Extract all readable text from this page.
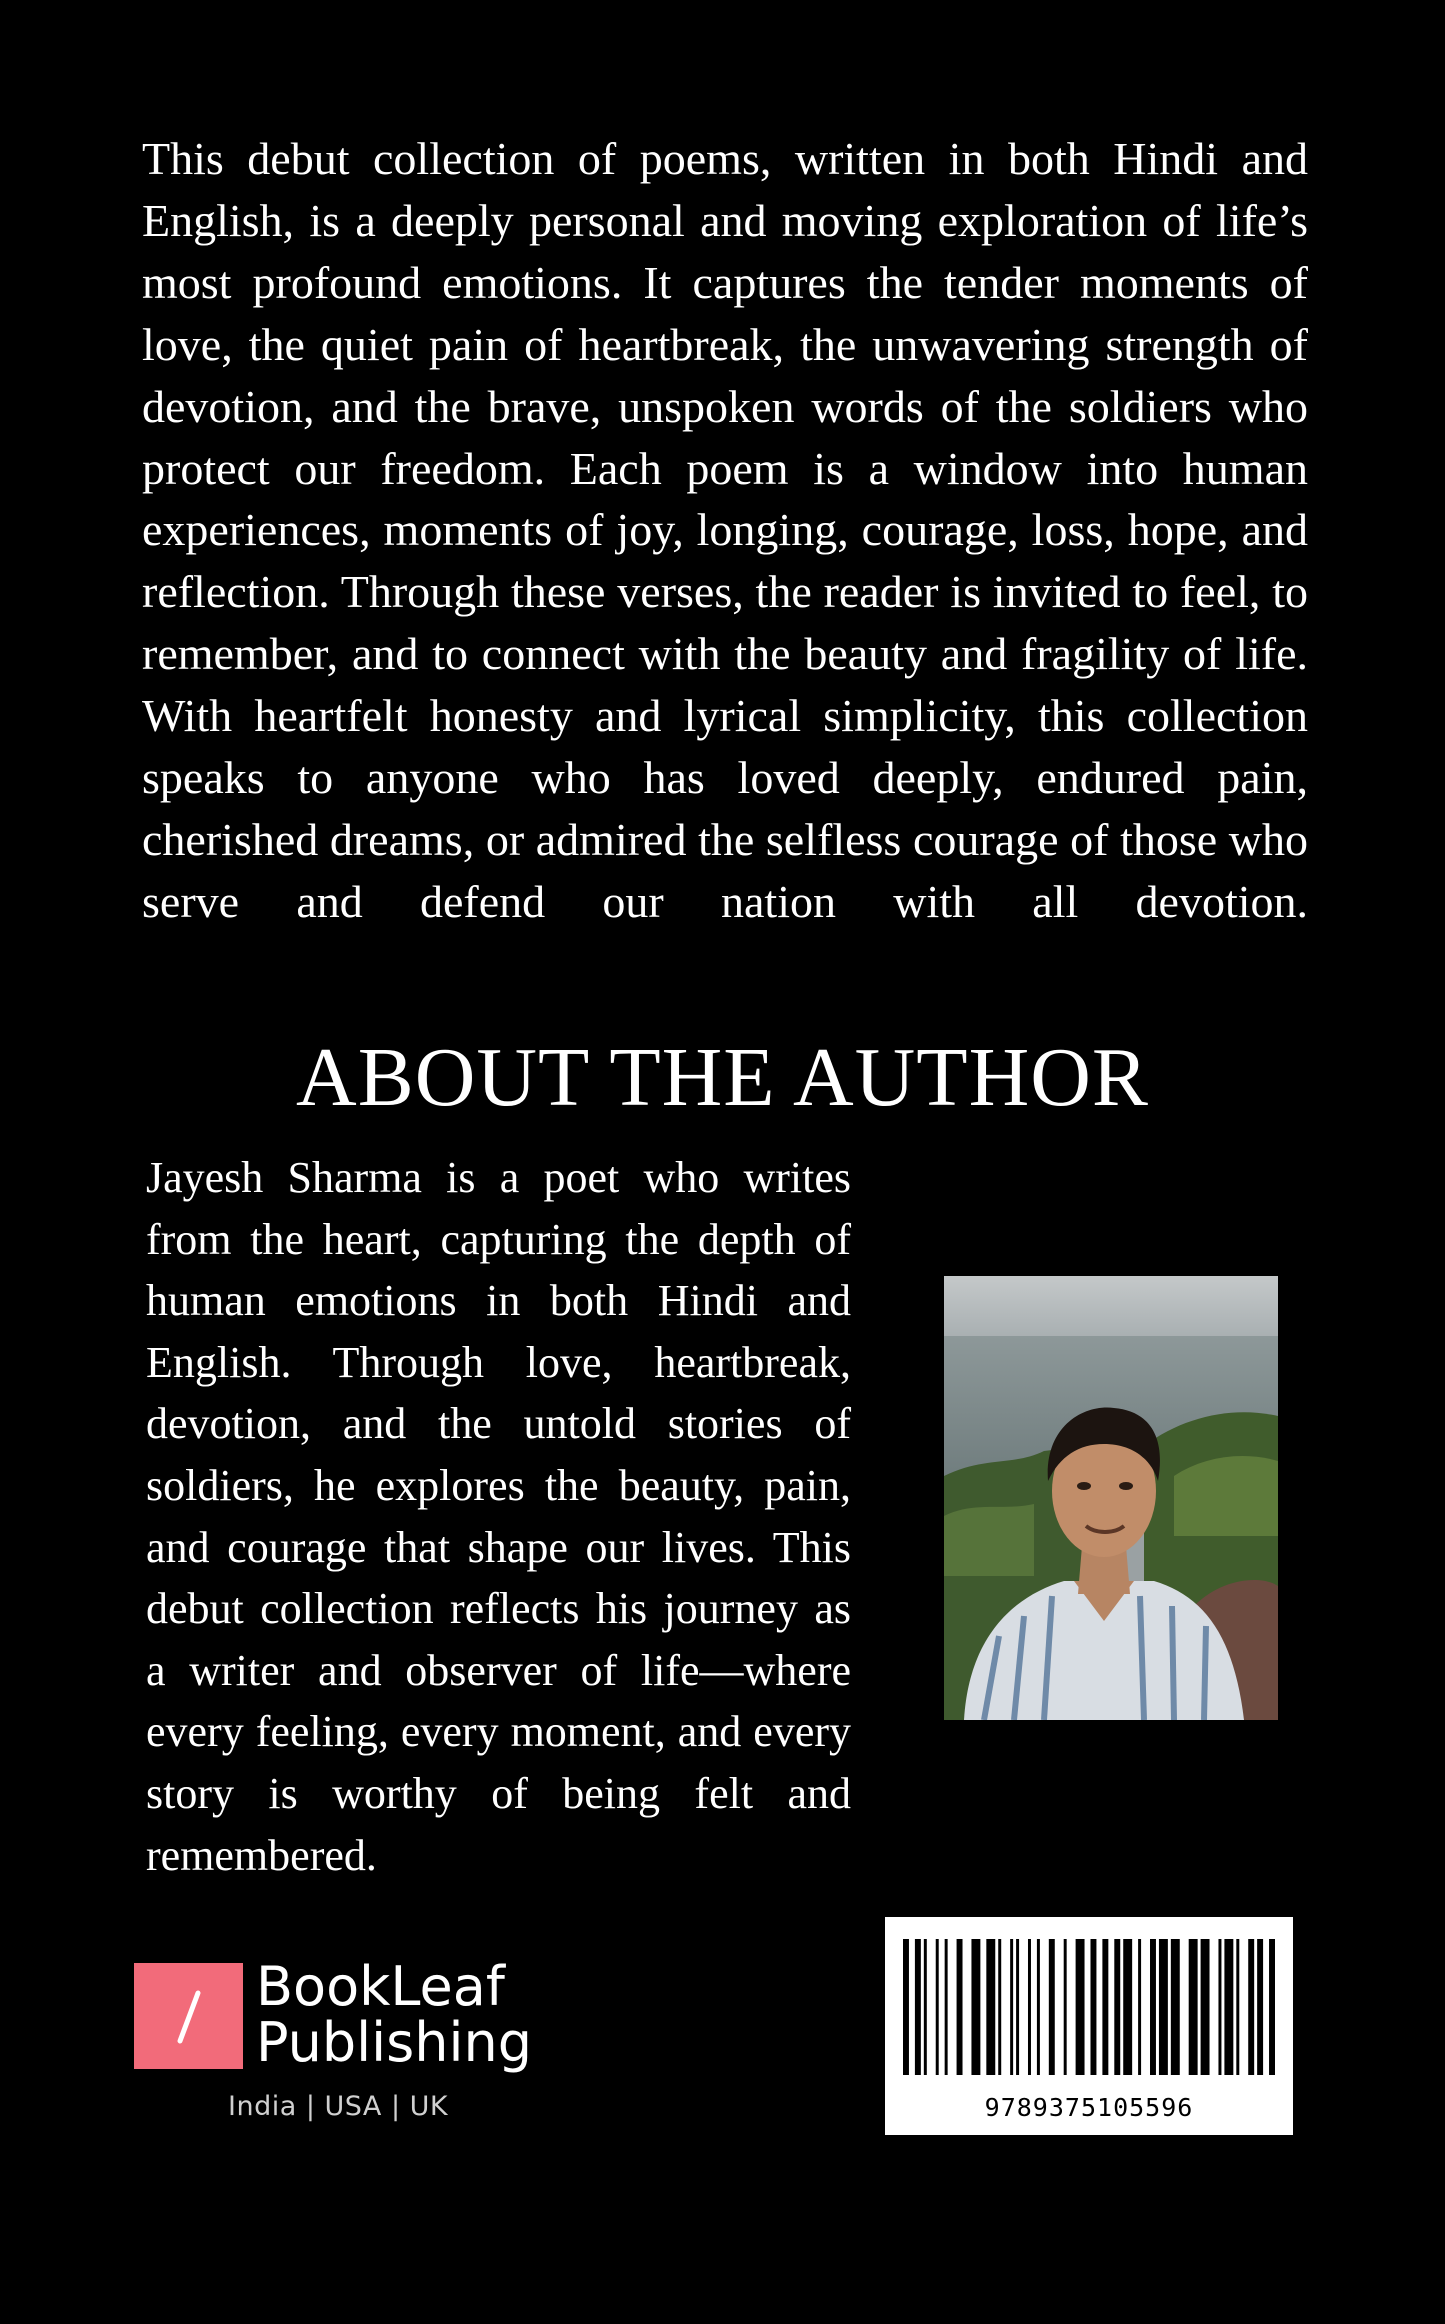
This debut collection of poems, written in both Hindi and English, is a deeply personal and moving exploration of life’s most profound emotions. It captures the tender moments of love, the quiet pain of heartbreak, the unwavering strength of devotion, and the brave, unspoken words of the soldiers who protect our freedom. Each poem is a window into human experiences, moments of joy, longing, courage, loss, hope, and reflection. Through these verses, the reader is invited to feel, to remember, and to connect with the beauty and fragility of life. With heartfelt honesty and lyrical simplicity, this collection speaks to anyone who has loved deeply, endured pain, cherished dreams, or admired the selfless courage of those who serve and defend our nation with all devotion.

ABOUT THE AUTHOR

Jayesh Sharma is a poet who writes from the heart, capturing the depth of human emotions in both Hindi and English. Through love, heartbreak, devotion, and the untold stories of soldiers, he explores the beauty, pain, and courage that shape our lives. This debut collection reflects his journey as a writer and observer of life—where every feeling, every moment, and every story is worthy of being felt and remembered.

BookLeaf
Publishing
India | USA | UK	9789375105596
